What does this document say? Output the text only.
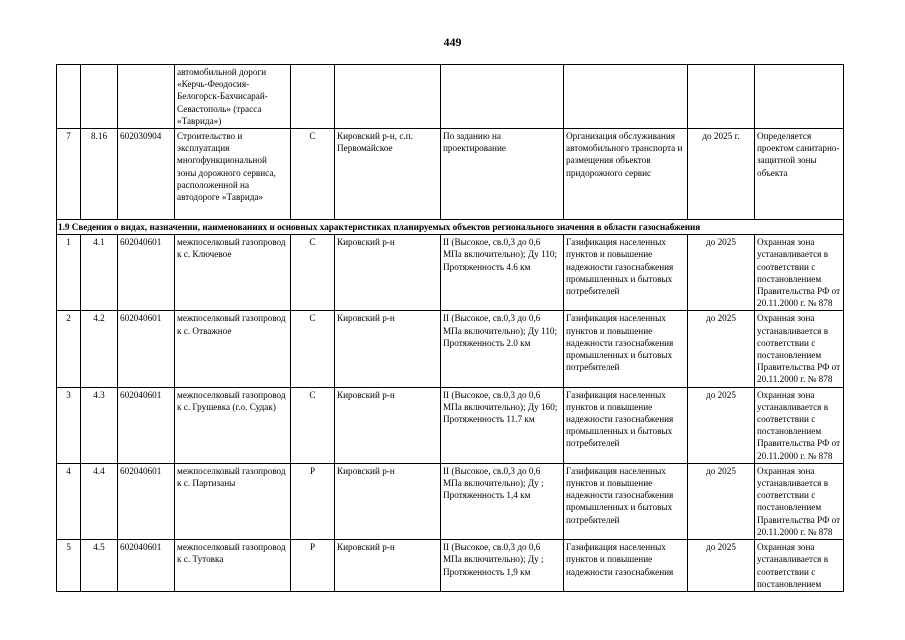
449
			автомобильной дороги «Керчь-Феодосия-Белогорск-Бахчисарай-Севастополь» (трасса «Таврида»)						
7	8.16	602030904	Строительство и эксплуатация многофункциональной зоны дорожного сервиса, расположенной на автодороге «Таврида»	С	Кировский р-н, с.п. Первомайское	По заданию на проектирование	Организация обслуживания автомобильного транспорта и размещения объектов придорожного сервис	до 2025 г.	Определяется проектом санитарно-защитной зоны объекта
1.9 Сведения о видах, назначении, наименованиях и основных характеристиках планируемых объектов регионального значения в области газоснабжения									
1	4.1	602040601	межпоселковый газопровод к с. Ключевое	С	Кировский р-н	II (Высокое, св.0,3 до 0,6 МПа включительно); Ду 110; Протяженность 4.6 км	Газификация населенных пунктов и повышение надежности газоснабжения промышленных и бытовых потребителей	до 2025	Охранная зона устанавливается в соответствии с постановлением Правительства РФ от 20.11.2000 г. № 878
2	4.2	602040601	межпоселковый газопровод к с. Отважное	С	Кировский р-н	II (Высокое, св.0,3 до 0,6 МПа включительно); Ду 110; Протяженность 2.0 км	Газификация населенных пунктов и повышение надежности газоснабжения промышленных и бытовых потребителей	до 2025	Охранная зона устанавливается в соответствии с постановлением Правительства РФ от 20.11.2000 г. № 878
3	4.3	602040601	межпоселковый газопровод к с. Грушевка (г.о. Судак)	С	Кировский р-н	II (Высокое, св.0,3 до 0,6 МПа включительно); Ду 160; Протяженность 11.7 км	Газификация населенных пунктов и повышение надежности газоснабжения промышленных и бытовых потребителей	до 2025	Охранная зона устанавливается в соответствии с постановлением Правительства РФ от 20.11.2000 г. № 878
4	4.4	602040601	межпоселковый газопровод к с. Партизаны	Р	Кировский р-н	II (Высокое, св.0,3 до 0,6 МПа включительно); Ду ; Протяженность 1,4 км	Газификация населенных пунктов и повышение надежности газоснабжения промышленных и бытовых потребителей	до 2025	Охранная зона устанавливается в соответствии с постановлением Правительства РФ от 20.11.2000 г. № 878
5	4.5	602040601	межпоселковый газопровод к с. Тутовка	Р	Кировский р-н	II (Высокое, св.0,3 до 0,6 МПа включительно); Ду ; Протяженность 1,9 км	Газификация населенных пунктов и повышение надежности газоснабжения	до 2025	Охранная зона устанавливается в соответствии с постановлением
